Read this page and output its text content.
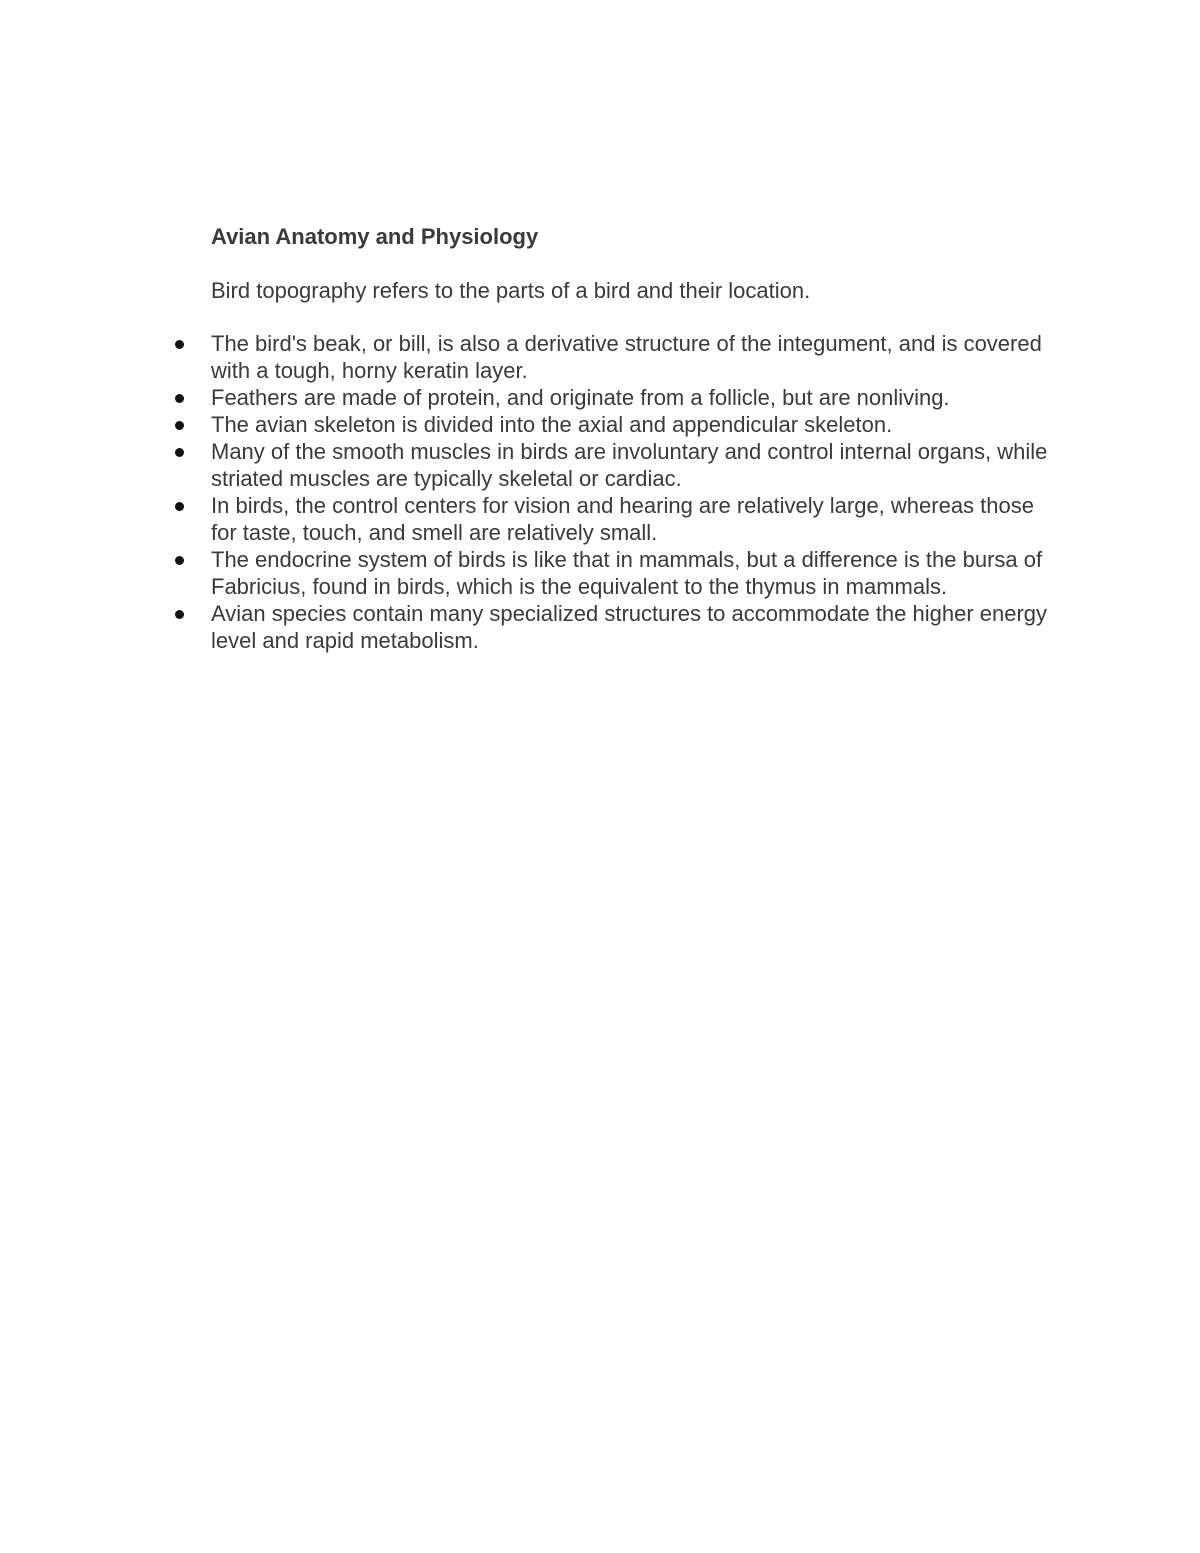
Avian Anatomy and Physiology

Bird topography refers to the parts of a bird and their location.

The bird's beak, or bill, is also a derivative structure of the integument, and is covered with a tough, horny keratin layer.
Feathers are made of protein, and originate from a follicle, but are nonliving.
The avian skeleton is divided into the axial and appendicular skeleton.
Many of the smooth muscles in birds are involuntary and control internal organs, while striated muscles are typically skeletal or cardiac.
In birds, the control centers for vision and hearing are relatively large, whereas those for taste, touch, and smell are relatively small.
The endocrine system of birds is like that in mammals, but a difference is the bursa of Fabricius, found in birds, which is the equivalent to the thymus in mammals.
Avian species contain many specialized structures to accommodate the higher energy level and rapid metabolism.
